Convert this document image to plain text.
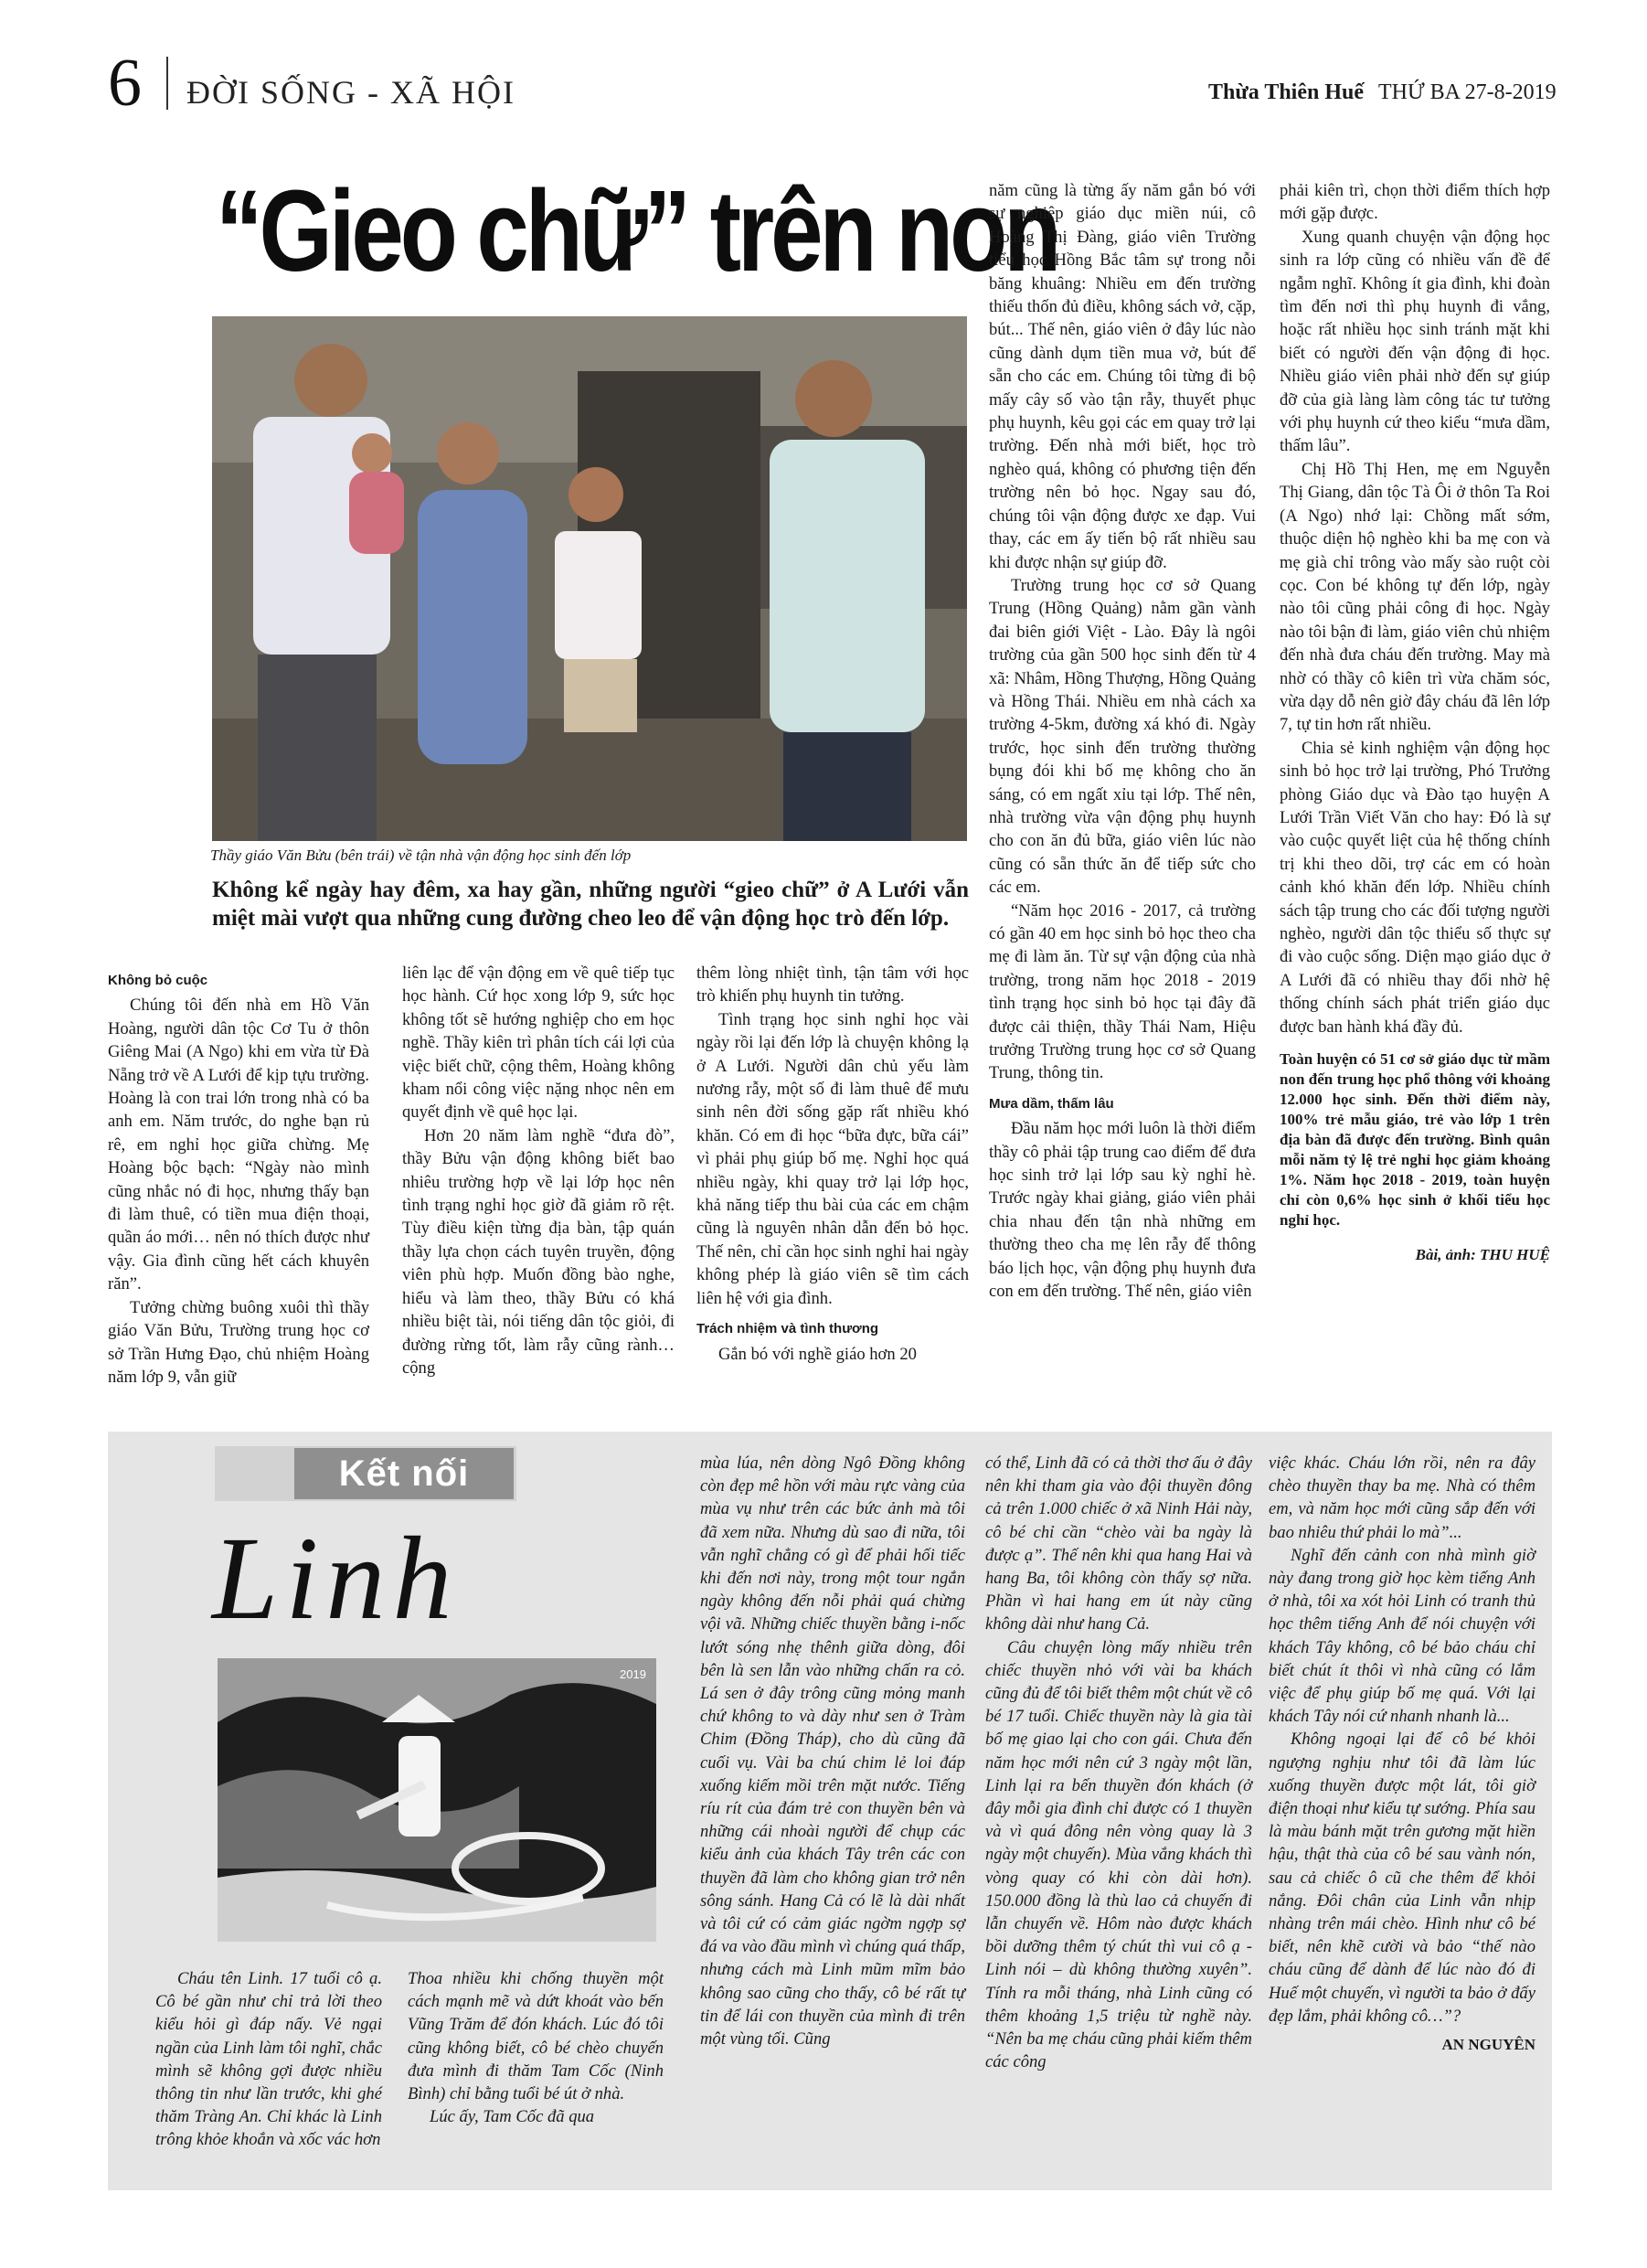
6 ĐỜI SỐNG - XÃ HỘI	Thừa Thiên Huế THỨ BA 27-8-2019
“Gieo chữ” trên non
Thầy giáo Văn Bửu (bên trái) về tận nhà vận động học sinh đến lớp
Không kể ngày hay đêm, xa hay gần, những người “gieo chữ” ở A Lưới vẫn miệt mài vượt qua những cung đường cheo leo để vận động học trò đến lớp.
Không bỏ cuộc

Chúng tôi đến nhà em Hồ Văn Hoàng, người dân tộc Cơ Tu ở thôn Giêng Mai (A Ngo) khi em vừa từ Đà Nẵng trở về A Lưới để kịp tựu trường. Hoàng là con trai lớn trong nhà có ba anh em. Năm trước, do nghe bạn rủ rê, em nghỉ học giữa chừng. Mẹ Hoàng bộc bạch: “Ngày nào mình cũng nhắc nó đi học, nhưng thấy bạn đi làm thuê, có tiền mua điện thoại, quần áo mới… nên nó thích được như vậy. Gia đình cũng hết cách khuyên răn”.

Tưởng chừng buông xuôi thì thầy giáo Văn Bửu, Trường trung học cơ sở Trần Hưng Đạo, chủ nhiệm Hoàng năm lớp 9, vẫn giữ

liên lạc để vận động em về quê tiếp tục học hành. Cứ học xong lớp 9, sức học không tốt sẽ hướng nghiệp cho em học nghề. Thầy kiên trì phân tích cái lợi của việc biết chữ, cộng thêm, Hoàng không kham nổi công việc nặng nhọc nên em quyết định về quê học lại.

Hơn 20 năm làm nghề “đưa đò”, thầy Bửu vận động không biết bao nhiêu trường hợp về lại lớp học nên tình trạng nghỉ học giờ đã giảm rõ rệt. Tùy điều kiện từng địa bàn, tập quán thầy lựa chọn cách tuyên truyền, động viên phù hợp. Muốn đồng bào nghe, hiểu và làm theo, thầy Bửu có khá nhiều biệt tài, nói tiếng dân tộc giỏi, đi đường rừng tốt, làm rẫy cũng rành… cộng

thêm lòng nhiệt tình, tận tâm với học trò khiến phụ huynh tin tưởng.

Tình trạng học sinh nghỉ học vài ngày rồi lại đến lớp là chuyện không lạ ở A Lưới. Người dân chủ yếu làm nương rẫy, một số đi làm thuê để mưu sinh nên đời sống gặp rất nhiều khó khăn. Có em đi học “bữa đực, bữa cái” vì phải phụ giúp bố mẹ. Nghỉ học quá nhiều ngày, khi quay trở lại lớp học, khả năng tiếp thu bài của các em chậm cũng là nguyên nhân dẫn đến bỏ học. Thế nên, chỉ cần học sinh nghỉ hai ngày không phép là giáo viên sẽ tìm cách liên hệ với gia đình.

Trách nhiệm và tình thương

Gắn bó với nghề giáo hơn 20

năm cũng là từng ấy năm gắn bó với sự nghiệp giáo dục miền núi, cô Hoàng Thị Đàng, giáo viên Trường tiểu học Hồng Bắc tâm sự trong nỗi băng khuâng: Nhiều em đến trường thiếu thốn đủ điều, không sách vở, cặp, bút... Thế nên, giáo viên ở đây lúc nào cũng dành dụm tiền mua vở, bút để sẵn cho các em. Chúng tôi từng đi bộ mấy cây số vào tận rẫy, thuyết phục phụ huynh, kêu gọi các em quay trở lại trường. Đến nhà mới biết, học trò nghèo quá, không có phương tiện đến trường nên bỏ học. Ngay sau đó, chúng tôi vận động được xe đạp. Vui thay, các em ấy tiến bộ rất nhiều sau khi được nhận sự giúp đỡ.

Trường trung học cơ sở Quang Trung (Hồng Quảng) nằm gần vành đai biên giới Việt - Lào. Đây là ngôi trường của gần 500 học sinh đến từ 4 xã: Nhâm, Hồng Thượng, Hồng Quảng và Hồng Thái. Nhiều em nhà cách xa trường 4-5km, đường xá khó đi. Ngày trước, học sinh đến trường thường bụng đói khi bố mẹ không cho ăn sáng, có em ngất xỉu tại lớp. Thế nên, nhà trường vừa vận động phụ huynh cho con ăn đủ bữa, giáo viên lúc nào cũng có sẵn thức ăn để tiếp sức cho các em.

“Năm học 2016 - 2017, cả trường có gần 40 em học sinh bỏ học theo cha mẹ đi làm ăn. Từ sự vận động của nhà trường, trong năm học 2018 - 2019 tình trạng học sinh bỏ học tại đây đã được cải thiện, thầy Thái Nam, Hiệu trưởng Trường trung học cơ sở Quang Trung, thông tin.

Mưa dầm, thấm lâu

Đầu năm học mới luôn là thời điểm thầy cô phải tập trung cao điểm để đưa học sinh trở lại lớp sau kỳ nghỉ hè. Trước ngày khai giảng, giáo viên phải chia nhau đến tận nhà những em thường theo cha mẹ lên rẫy để thông báo lịch học, vận động phụ huynh đưa con em đến trường. Thế nên, giáo viên

phải kiên trì, chọn thời điểm thích hợp mới gặp được.

Xung quanh chuyện vận động học sinh ra lớp cũng có nhiều vấn đề để ngẫm nghĩ. Không ít gia đình, khi đoàn tìm đến nơi thì phụ huynh đi vắng, hoặc rất nhiều học sinh tránh mặt khi biết có người đến vận động đi học. Nhiều giáo viên phải nhờ đến sự giúp đỡ của già làng làm công tác tư tưởng với phụ huynh cứ theo kiểu “mưa dầm, thấm lâu”.

Chị Hồ Thị Hen, mẹ em Nguyễn Thị Giang, dân tộc Tà Ôi ở thôn Ta Roi (A Ngo) nhớ lại: Chồng mất sớm, thuộc diện hộ nghèo khi ba mẹ con và mẹ già chỉ trông vào mấy sào ruột còi cọc. Con bé không tự đến lớp, ngày nào tôi cũng phải công đi học. Ngày nào tôi bận đi làm, giáo viên chủ nhiệm đến nhà đưa cháu đến trường. May mà nhờ có thầy cô kiên trì vừa chăm sóc, vừa dạy dỗ nên giờ đây cháu đã lên lớp 7, tự tin hơn rất nhiều.

Chia sẻ kinh nghiệm vận động học sinh bỏ học trở lại trường, Phó Trưởng phòng Giáo dục và Đào tạo huyện A Lưới Trần Viết Văn cho hay: Đó là sự vào cuộc quyết liệt của hệ thống chính trị khi theo dõi, trợ các em có hoàn cảnh khó khăn đến lớp. Nhiều chính sách tập trung cho các đối tượng người nghèo, người dân tộc thiểu số thực sự đi vào cuộc sống. Diện mạo giáo dục ở A Lưới đã có nhiều thay đổi nhờ hệ thống chính sách phát triển giáo dục được ban hành khá đầy đủ.

Toàn huyện có 51 cơ sở giáo dục từ mầm non đến trung học phổ thông với khoảng 12.000 học sinh. Đến thời điểm này, 100% trẻ mẫu giáo, trẻ vào lớp 1 trên địa bàn đã được đến trường. Bình quân mỗi năm tỷ lệ trẻ nghỉ học giảm khoảng 1%. Năm học 2018 - 2019, toàn huyện chỉ còn 0,6% học sinh ở khối tiểu học nghỉ học.
Bài, ảnh: THU HUỆ
Kết nối
Linh
2019

Cháu tên Linh. 17 tuổi cô ạ. Cô bé gần như chỉ trả lời theo kiểu hỏi gì đáp nấy. Vẻ ngại ngần của Linh làm tôi nghĩ, chắc mình sẽ không gợi được nhiều thông tin như lần trước, khi ghé thăm Tràng An. Chỉ khác là Linh trông khỏe khoắn và xốc vác hơn

Thoa nhiều khi chống thuyền một cách mạnh mẽ và dứt khoát vào bến Vũng Trăm để đón khách. Lúc đó tôi cũng không biết, cô bé chèo chuyến đưa mình đi thăm Tam Cốc (Ninh Bình) chỉ bằng tuổi bé út ở nhà.

Lúc ấy, Tam Cốc đã qua

mùa lúa, nên dòng Ngô Đồng không còn đẹp mê hồn với màu rực vàng của mùa vụ như trên các bức ảnh mà tôi đã xem nữa. Nhưng dù sao đi nữa, tôi vẫn nghĩ chẳng có gì để phải hối tiếc khi đến nơi này, trong một tour ngắn ngày không đến nỗi phải quá chừng vội vã. Những chiếc thuyền bằng i-nốc lướt sóng nhẹ thênh giữa dòng, đôi bên là sen lẫn vào những chấn ra cỏ. Lá sen ở đây trông cũng mỏng manh chứ không to và dày như sen ở Tràm Chim (Đồng Tháp), cho dù cũng đã cuối vụ. Vài ba chú chim lẻ loi đáp xuống kiếm mồi trên mặt nước. Tiếng ríu rít của đám trẻ con thuyền bên và những cái nhoài người để chụp các kiểu ảnh của khách Tây trên các con thuyền đã làm cho không gian trở nên sông sánh. Hang Cả có lẽ là dài nhất và tôi cứ có cảm giác ngờm ngợp sợ đá va vào đầu mình vì chúng quá thấp, nhưng cách mà Linh mũm mĩm bảo không sao cũng cho thấy, cô bé rất tự tin để lái con thuyền của mình đi trên một vùng tối. Cũng

có thể, Linh đã có cả thời thơ ấu ở đây nên khi tham gia vào đội thuyền đông cả trên 1.000 chiếc ở xã Ninh Hải này, cô bé chỉ cần “chèo vài ba ngày là được ạ”. Thế nên khi qua hang Hai và hang Ba, tôi không còn thấy sợ nữa. Phần vì hai hang em út này cũng không dài như hang Cả.

Câu chuyện lòng mấy nhiều trên chiếc thuyền nhỏ với vài ba khách cũng đủ để tôi biết thêm một chút về cô bé 17 tuổi. Chiếc thuyền này là gia tài bố mẹ giao lại cho con gái. Chưa đến năm học mới nên cứ 3 ngày một lần, Linh lại ra bến thuyền đón khách (ở đây mỗi gia đình chỉ được có 1 thuyền và vì quá đông nên vòng quay là 3 ngày một chuyến). Mùa vắng khách thì vòng quay có khi còn dài hơn). 150.000 đồng là thù lao cả chuyến đi lẫn chuyến về. Hôm nào được khách bồi dưỡng thêm tý chút thì vui cô ạ - Linh nói – dù không thường xuyên”. Tính ra mỗi tháng, nhà Linh cũng có thêm khoảng 1,5 triệu từ nghề này. “Nên ba mẹ cháu cũng phải kiếm thêm các công

việc khác. Cháu lớn rồi, nên ra đây chèo thuyền thay ba mẹ. Nhà có thêm em, và năm học mới cũng sắp đến với bao nhiêu thứ phải lo mà”...

Nghĩ đến cảnh con nhà mình giờ này đang trong giờ học kèm tiếng Anh ở nhà, tôi xa xót hỏi Linh có tranh thủ học thêm tiếng Anh để nói chuyện với khách Tây không, cô bé bảo cháu chỉ biết chút ít thôi vì nhà cũng có lắm việc để phụ giúp bố mẹ quá. Với lại khách Tây nói cứ nhanh nhanh là...

Không ngoại lại để cô bé khỏi ngượng nghịu như tôi đã làm lúc xuống thuyền được một lát, tôi giờ điện thoại như kiểu tự sướng. Phía sau là màu bánh mặt trên gương mặt hiền hậu, thật thà của cô bé sau vành nón, sau cả chiếc ô cũ che thêm để khỏi nắng. Đôi chân của Linh vẫn nhịp nhàng trên mái chèo. Hình như cô bé biết, nên khẽ cười và bảo “thế nào cháu cũng để dành để lúc nào đó đi Huế một chuyến, vì người ta bảo ở đấy đẹp lắm, phải không cô…”?

AN NGUYÊN
